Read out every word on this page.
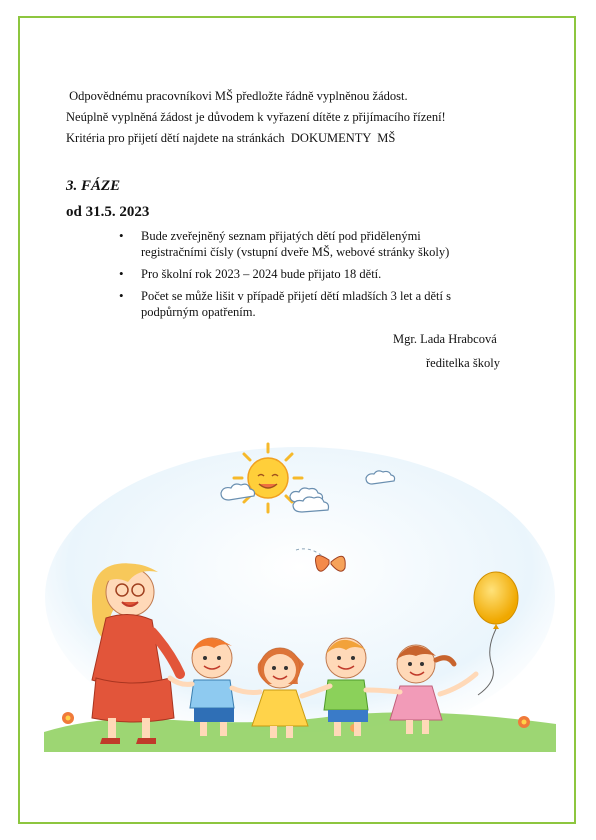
Odpovědnému pracovníkovi MŠ předložte řádně vyplněnou žádost.
Neúplně vyplněná žádost je důvodem k vyřazení dítěte z přijímacího řízení!
Kritéria pro přijetí dětí najdete na stránkách  DOKUMENTY  MŠ
3. FÁZE
od 31.5. 2023
• Bude zveřejněný seznam přijatých dětí pod přidělenými
registračními čísly (vstupní dveře MŠ, webové stránky školy)
• Pro školní rok 2023 – 2024 bude přijato 18 dětí.
• Počet se může lišit v případě přijetí dětí mladších 3 let a dětí s
podpůrným opatřením.
Mgr. Lada Hrabcová
ředitelka školy
